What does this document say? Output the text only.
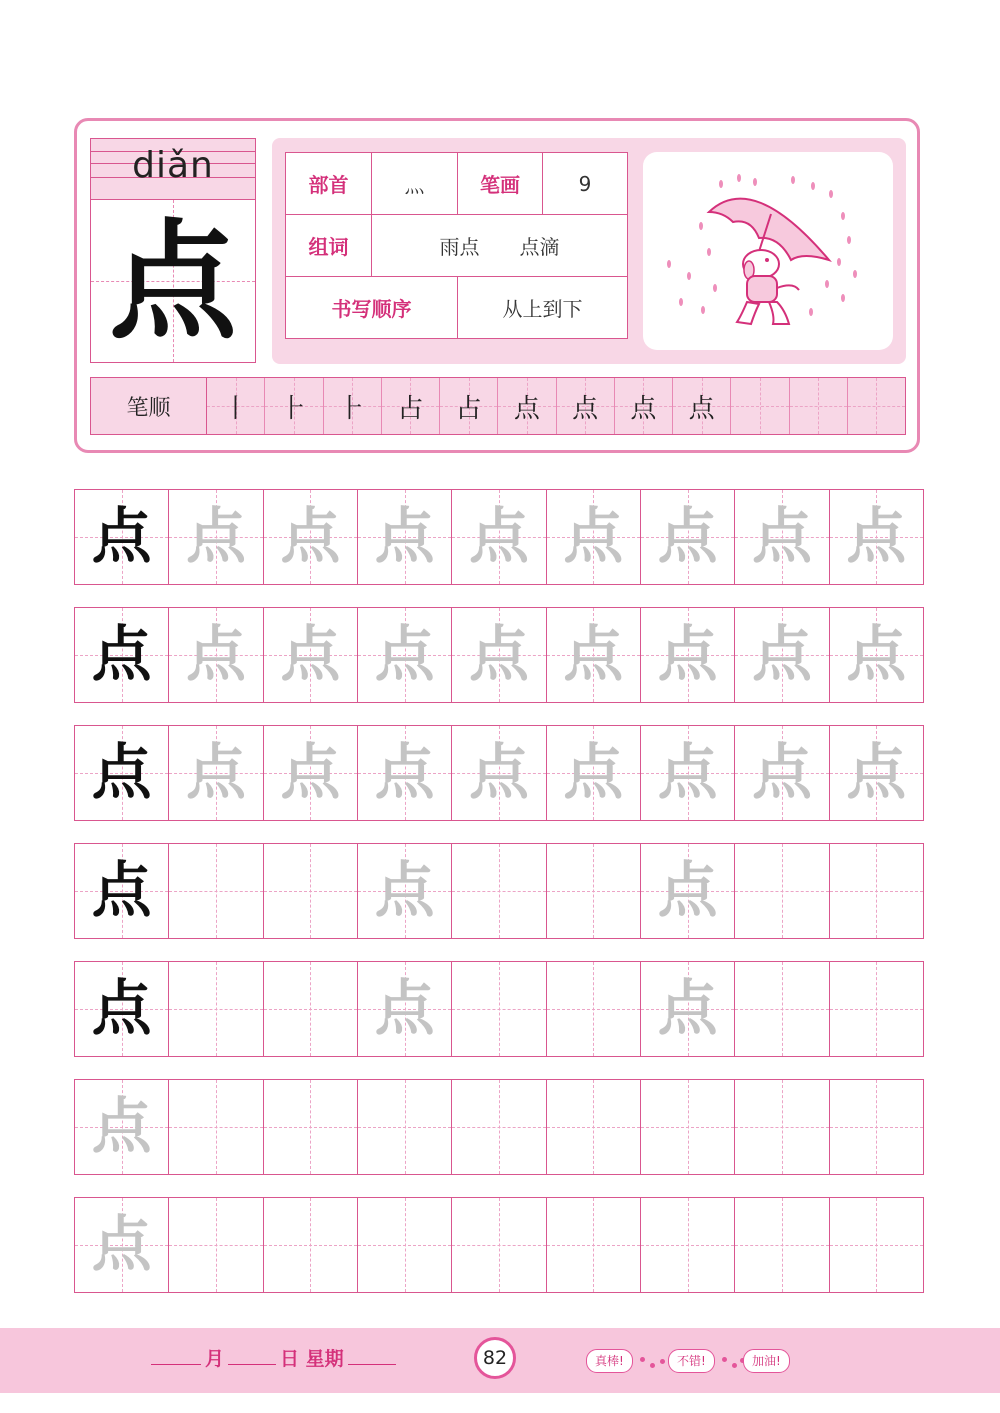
diǎn
点
部首	灬	笔画	9
组词	雨点　　点滴		
书写顺序		从上到下	
笔顺	丨 ⺊ ⺊ 占 占 点 点 点 点
点 点 点 点 点 点 点 点 点
点 点 点 点 点 点 点 点 点
点 点 点 点 点 点 点 点 点
点	点	点
点	点	点
点
点
月	日 星期	82	真棒!	不错!	加油!
